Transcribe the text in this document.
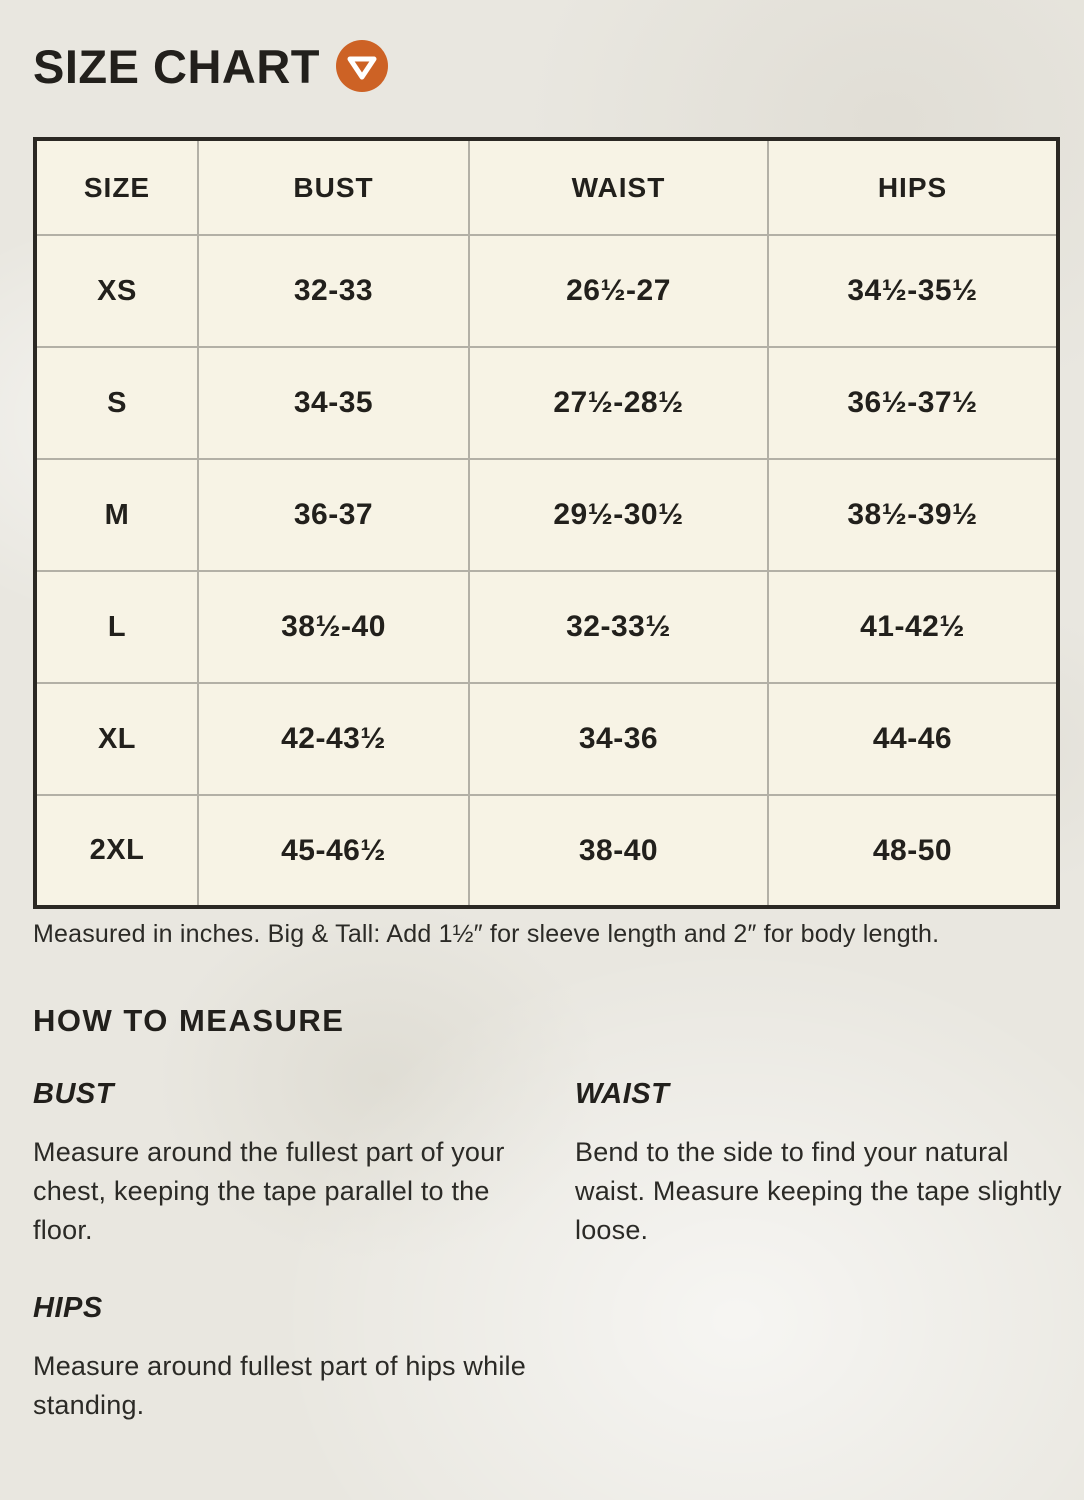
SIZE CHART
SIZE	BUST	WAIST	HIPS
XS	32-33	26½-27	34½-35½
S	34-35	27½-28½	36½-37½
M	36-37	29½-30½	38½-39½
L	38½-40	32-33½	41-42½
XL	42-43½	34-36	44-46
2XL	45-46½	38-40	48-50
Measured in inches. Big & Tall: Add 1½″ for sleeve length and 2″ for body length.
HOW TO MEASURE
BUST
Measure around the fullest part of your chest, keeping the tape parallel to the floor.
WAIST
Bend to the side to find your natural waist. Measure keeping the tape slightly loose.
HIPS
Measure around fullest part of hips while standing.
